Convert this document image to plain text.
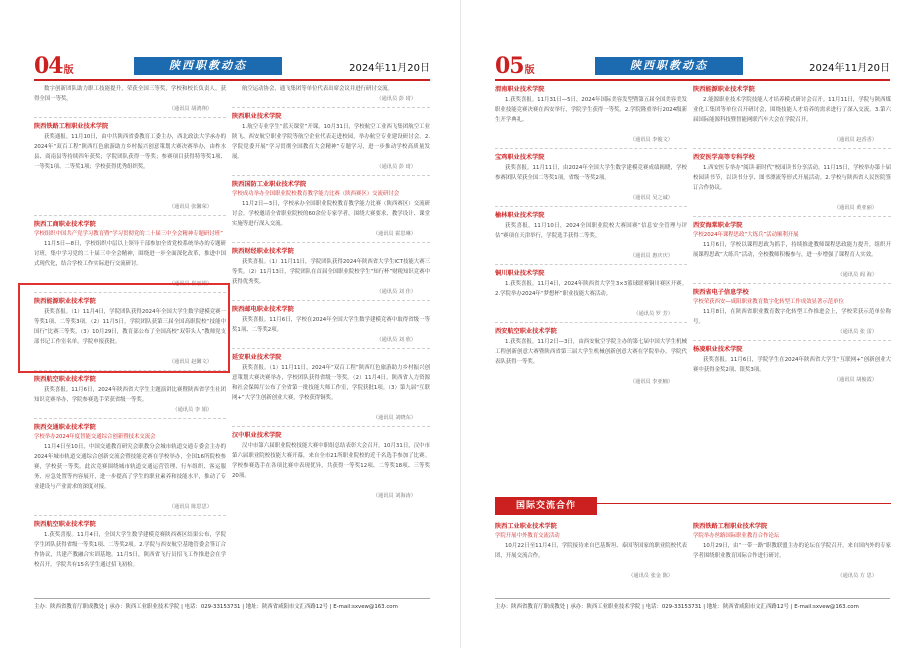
04版	陕西职教动态	2024年11月20日
数字创新团队助力职工技能提升，荣获全国三等奖，学校和校长负责人，获得全国一等奖。
（通讯员 胡鸿翔）
陕西铁路工程职业技术学院
获奖通报。11月10日，由中共陕西省委教育工委主办，西北政法大学承办的2024年“双百工程”陕西红色旅游助力乡村振兴创意策划大赛决赛举办，由柞水县、商南县等持续四年获奖；学院团队获得一等奖；参赛项目获得特等奖1项、一等奖1项、二等奖1项；学校获得优秀组织奖。
（通讯员 张馨荣）
陕西工商职业技术学院
学校组织中国共产党学习教育暨“学习贯彻党的二十届三中全会精神专题研讨班”
11月5日—8日，学校组织中层以上领导干部参加全省党校系统举办的专题研讨班，集中学习党的二十届三中全会精神，围绕进一步全面深化改革，推进中国式现代化，结合学校工作实际进行交流研讨。
（通讯员 崔丽娟）
陕西能源职业技术学院
获奖喜报。（1）11月4日，学院团队获得2024年全国大学生数学建模竞赛一等奖1项、二等奖3项。（2）11月5日，学院团队获第三届全国高职院校“技能中国行”比赛三等奖。（3）10月29日，教育部公布了全国高校“双带头人”教师党支部书记工作室名单，学院申报获批。
（通讯员 赵馨文）
陕西航空职业技术学院
获奖喜报。11月6日，2024年陕西省大学生主题演讲比赛暨陕西省学生社团知识竞赛举办，学院参赛选手荣获省级一等奖。
（通讯员 李 娟）
陕西交通职业技术学院
学校举办2024年度智能交通综合创新暨技术交流会
11月4日至10日，中国交通教育研究会职教分会城市轨道交通专委会主办的2024年城市轨道交通综合创新交流会暨技能竞赛在学校举办，全国16所院校参赛，学校获一等奖。此次竞赛围绕城市轨道交通运营管理、行车组织、客运服务、应急处置等内容展开，进一步提高了学生的职业素养和技能水平，推动了专业建设与产业需求的深度对接。
（通讯员 陈思思）
陕西航空职业技术学院
1.获奖喜报。11月4日，全国大学生数学建模竞赛陕西赛区结果公布，学院学生团队获得省级一等奖1项、二等奖2项。2.学院与西安航空基地管委会签订合作协议，共建产教融合实训基地。11月5日，陕西省飞行员招飞工作推进会在学校召开，学院共有15名学生通过招飞初检。
航空运动协会、通飞集团等单位代表出席会议并进行研讨交流。
（通讯员 彭 琦）
陕西职业技术学院
1.航空专业学生“蓝天课堂”开课。10月31日，学校航空工业西飞集团航空工业陕飞、西安航空职业学院等航空企业代表走进校园，举办航空专业建设研讨会。2.学院党委开展“学习贯彻全国教育大会精神”专题学习，进一步推动学校高质量发展。
（通讯员 彭 琦）
陕西国防工业职业技术学院
学校成功举办全国职业院校教育教学能力比赛（陕西赛区）交流研讨会
11月2日—3日，学校承办全国职业院校教育教学能力比赛（陕西赛区）交流研讨会。学校邀请全省职业院校的60余位专家学者，围绕大赛要求、教学设计、课堂实施等进行深入交流。
（通讯员 霍思琳）
陕西财经职业技术学院
获奖喜报。（1）11月11日，学院团队获得2024年陕西省大学生ICT技能大赛三等奖。（2）11月13日，学院团队在首届全国职业院校学生“知行杯”财税知识竞赛中获得优秀奖。
（通讯员 刘 佳）
陕西邮电职业技术学院
获奖喜报。11月6日，学校在2024年全国大学生数学建模竞赛中取得省级一等奖1项、二等奖2项。
（通讯员 刘 欣）
延安职业技术学院
获奖喜报。（1）11月11日，2024年“双百工程”陕西红色旅游助力乡村振兴创意策划大赛决赛举办，学校团队获得省级一等奖。（2）11月4日，陕西省人力资源和社会保障厅公布了全省第一批技能大师工作室，学院获批1项。（3）第九届“互联网+”大学生创新创业大赛，学校获得铜奖。
（通讯员 刘晓东）
汉中职业技术学院
汉中市第六届职业院校技能大赛中职组总结表彰大会召开。10月31日，汉中市第六届职业院校技能大赛开幕，来自全市21所职业院校的近千名选手参加了比赛。学校参赛选手在各项比赛中表现优异，共获得一等奖12项、二等奖18项、三等奖20项。
（通讯员 刘海涛）
主办：陕西省教育厅职成教处 | 承办：陕西工业职业技术学院 | 电话：029-33153731 | 地址：陕西省咸阳市文汇西路12号 | E-mail:sxvew@163.com
05版	陕西职教动态	2024年11月20日
渭南职业技术学院
1.获奖喜报。11月31日—5日，2024年国际美容发型暨第五届全国美容美发职业技能竞赛决赛在西安举行，学院学生获得一等奖。2.学院隆重举行2024级新生开学典礼。
（通讯员 李俊文）
宝鸡职业技术学院
获奖喜报。11月11日，由2024年全国大学生数学建模竞赛成绩揭晓，学校参赛团队荣获全国二等奖1项，省级一等奖2项。
（通讯员 吴之诚）
榆林职业技术学院
获奖喜报。11月10日，2024全国职业院校大赛国赛“信息安全管理与评估”赛项在天津举行，学院选手获得二等奖。
（通讯员 惠庆庆）
铜川职业技术学院
1.获奖喜报。11月4日，2024年陕西省大学生3×3篮球联赛铜川赛区开赛。2.学院举办2024年“梦想杯”职业技能大赛活动。
（通讯员 罗 芳）
西安航空职业技术学院
1.获奖喜报。11月2日—3日，由西安航空学院主办的第七届中国大学生机械工程创新创意大赛暨陕西省第三届大学生机械创新创意大赛在学院举办。学院代表队获得一等奖。
（通讯员 李亚楠）
陕西能源职业技术学院
2.能源职业技术学院技能人才培养模式研讨会召开。11月11日，学院与陕西煤业化工集团等单位召开研讨会，围绕技能人才培养的需求进行了深入交流。3.第六届国际能源科技暨智能网联汽车大会在学院召开。
（通讯员 赵香香）
西安医学高等专科学校
1.西安医专举办“阅读·新时代”校园读书分享活动。11月15日，学校举办第十届校园读书节，以读书分享、图书漂流等形式开展活动。2.学校与陕西省人民医院签订合作协议。
（通讯员 黄亚丽）
西安海棠职业学院
学校2024年课程思政“大练兵”活动顺利开展
11月6日，学校以课程思政为抓手，持续推进教师课程思政能力提升，组织开展课程思政“大练兵”活动，全校教师积极参与，进一步增强了课程育人实效。
（通讯员 阎 海）
陕西省电子信息学校
学校荣获西安—咸阳职业教育数字化转型工作成效显著示范单位
11月8日，在陕西省职业教育数字化转型工作推进会上，学校荣获示范单位称号。
（通讯员 张 雷）
杨凌职业技术学院
获奖喜报。11月6日，学院学生在2024年陕西省大学生“互联网+”创新创业大赛中获得金奖2项、银奖3项。
（通讯员 胡俊霞）
国际交流合作
陕西工业职业技术学院
学院开展中外教育交流活动
10月22日至11月4日，学院接待来自巴基斯坦、泰国等国家的职业院校代表团，开展交流合作。
（通讯员 张金 陈）
陕西铁路工程职业技术学院
学院举办丝路国际职业教育合作论坛
10月29日，由“一带一路”职教联盟主办的论坛在学院召开，来自国内外的专家学者围绕职业教育国际合作进行研讨。
（通讯员 方 思）
主办：陕西省教育厅职成教处 | 承办：陕西工业职业技术学院 | 电话：029-33153731 | 地址：陕西省咸阳市文汇西路12号 | E-mail:sxvew@163.com
